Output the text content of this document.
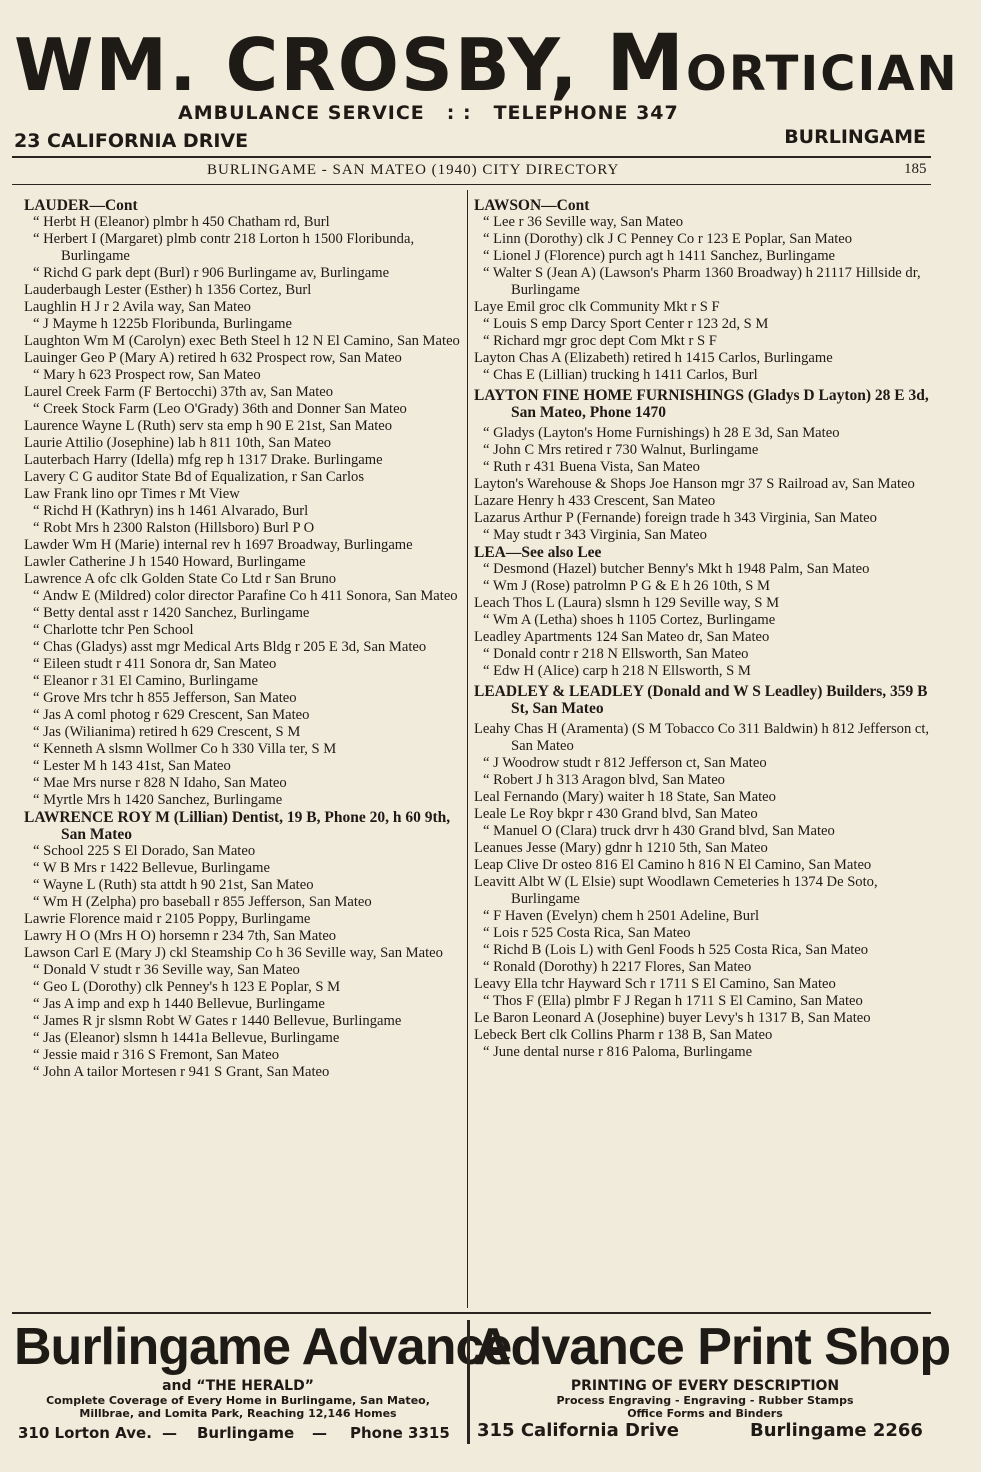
WM. CROSBY, MORTICIAN
AMBULANCE SERVICE : : TELEPHONE 347
23 CALIFORNIA DRIVE	BURLINGAME
BURLINGAME - SAN MATEO (1940) CITY DIRECTORY	185

LAUDER—Cont

“ Herbt H (Eleanor) plmbr h 450 Chatham rd, Burl

“ Herbert I (Margaret) plmb contr 218 Lorton h 1500 Floribunda, Burlingame

“ Richd G park dept (Burl) r 906 Burlingame av, Burlingame

Lauderbaugh Lester (Esther) h 1356 Cortez, Burl

Laughlin H J r 2 Avila way, San Mateo

“ J Mayme h 1225b Floribunda, Burlingame

Laughton Wm M (Carolyn) exec Beth Steel h 12 N El Camino, San Mateo

Lauinger Geo P (Mary A) retired h 632 Prospect row, San Mateo

“ Mary h 623 Prospect row, San Mateo

Laurel Creek Farm (F Bertocchi) 37th av, San Mateo

“ Creek Stock Farm (Leo O'Grady) 36th and Donner San Mateo

Laurence Wayne L (Ruth) serv sta emp h 90 E 21st, San Mateo

Laurie Attilio (Josephine) lab h 811 10th, San Mateo

Lauterbach Harry (Idella) mfg rep h 1317 Drake. Burlingame

Lavery C G auditor State Bd of Equalization, r San Carlos

Law Frank lino opr Times r Mt View

“ Richd H (Kathryn) ins h 1461 Alvarado, Burl

“ Robt Mrs h 2300 Ralston (Hillsboro) Burl P O

Lawder Wm H (Marie) internal rev h 1697 Broadway, Burlingame

Lawler Catherine J h 1540 Howard, Burlingame

Lawrence A ofc clk Golden State Co Ltd r San Bruno

“ Andw E (Mildred) color director Parafine Co h 411 Sonora, San Mateo

“ Betty dental asst r 1420 Sanchez, Burlingame

“ Charlotte tchr Pen School

“ Chas (Gladys) asst mgr Medical Arts Bldg r 205 E 3d, San Mateo

“ Eileen studt r 411 Sonora dr, San Mateo

“ Eleanor r 31 El Camino, Burlingame

“ Grove Mrs tchr h 855 Jefferson, San Mateo

“ Jas A coml photog r 629 Crescent, San Mateo

“ Jas (Wilianima) retired h 629 Crescent, S M

“ Kenneth A slsmn Wollmer Co h 330 Villa ter, S M

“ Lester M h 143 41st, San Mateo

“ Mae Mrs nurse r 828 N Idaho, San Mateo

“ Myrtle Mrs h 1420 Sanchez, Burlingame

LAWRENCE ROY M (Lillian) Dentist, 19 B, Phone 20, h 60 9th, San Mateo

“ School 225 S El Dorado, San Mateo

“ W B Mrs r 1422 Bellevue, Burlingame

“ Wayne L (Ruth) sta attdt h 90 21st, San Mateo

“ Wm H (Zelpha) pro baseball r 855 Jefferson, San Mateo

Lawrie Florence maid r 2105 Poppy, Burlingame

Lawry H O (Mrs H O) horsemn r 234 7th, San Mateo

Lawson Carl E (Mary J) ckl Steamship Co h 36 Seville way, San Mateo

“ Donald V studt r 36 Seville way, San Mateo

“ Geo L (Dorothy) clk Penney's h 123 E Poplar, S M

“ Jas A imp and exp h 1440 Bellevue, Burlingame

“ James R jr slsmn Robt W Gates r 1440 Bellevue, Burlingame

“ Jas (Eleanor) slsmn h 1441a Bellevue, Burlingame

“ Jessie maid r 316 S Fremont, San Mateo

“ John A tailor Mortesen r 941 S Grant, San Mateo

LAWSON—Cont

“ Lee r 36 Seville way, San Mateo

“ Linn (Dorothy) clk J C Penney Co r 123 E Poplar, San Mateo

“ Lionel J (Florence) purch agt h 1411 Sanchez, Burlingame

“ Walter S (Jean A) (Lawson's Pharm 1360 Broadway) h 21117 Hillside dr, Burlingame

Laye Emil groc clk Community Mkt r S F

“ Louis S emp Darcy Sport Center r 123 2d, S M

“ Richard mgr groc dept Com Mkt r S F

Layton Chas A (Elizabeth) retired h 1415 Carlos, Burlingame

“ Chas E (Lillian) trucking h 1411 Carlos, Burl

LAYTON FINE HOME FURNISHINGS (Gladys D Layton) 28 E 3d, San Mateo, Phone 1470

“ Gladys (Layton's Home Furnishings) h 28 E 3d, San Mateo

“ John C Mrs retired r 730 Walnut, Burlingame

“ Ruth r 431 Buena Vista, San Mateo

Layton's Warehouse & Shops Joe Hanson mgr 37 S Railroad av, San Mateo

Lazare Henry h 433 Crescent, San Mateo

Lazarus Arthur P (Fernande) foreign trade h 343 Virginia, San Mateo

“ May studt r 343 Virginia, San Mateo

LEA—See also Lee

“ Desmond (Hazel) butcher Benny's Mkt h 1948 Palm, San Mateo

“ Wm J (Rose) patrolmn P G & E h 26 10th, S M

Leach Thos L (Laura) slsmn h 129 Seville way, S M

“ Wm A (Letha) shoes h 1105 Cortez, Burlingame

Leadley Apartments 124 San Mateo dr, San Mateo

“ Donald contr r 218 N Ellsworth, San Mateo

“ Edw H (Alice) carp h 218 N Ellsworth, S M

LEADLEY & LEADLEY (Donald and W S Leadley) Builders, 359 B St, San Mateo

Leahy Chas H (Aramenta) (S M Tobacco Co 311 Baldwin) h 812 Jefferson ct, San Mateo

“ J Woodrow studt r 812 Jefferson ct, San Mateo

“ Robert J h 313 Aragon blvd, San Mateo

Leal Fernando (Mary) waiter h 18 State, San Mateo

Leale Le Roy bkpr r 430 Grand blvd, San Mateo

“ Manuel O (Clara) truck drvr h 430 Grand blvd, San Mateo

Leanues Jesse (Mary) gdnr h 1210 5th, San Mateo

Leap Clive Dr osteo 816 El Camino h 816 N El Camino, San Mateo

Leavitt Albt W (L Elsie) supt Woodlawn Cemeteries h 1374 De Soto, Burlingame

“ F Haven (Evelyn) chem h 2501 Adeline, Burl

“ Lois r 525 Costa Rica, San Mateo

“ Richd B (Lois L) with Genl Foods h 525 Costa Rica, San Mateo

“ Ronald (Dorothy) h 2217 Flores, San Mateo

Leavy Ella tchr Hayward Sch r 1711 S El Camino, San Mateo

“ Thos F (Ella) plmbr F J Regan h 1711 S El Camino, San Mateo

Le Baron Leonard A (Josephine) buyer Levy's h 1317 B, San Mateo

Lebeck Bert clk Collins Pharm r 138 B, San Mateo

“ June dental nurse r 816 Paloma, Burlingame

Burlingame Advance
and “THE HERALD”
Complete Coverage of Every Home in Burlingame, San Mateo,
Millbrae, and Lomita Park, Reaching 12,146 Homes
310 Lorton Ave. — Burlingame — Phone 3315
Advance Print Shop
PRINTING OF EVERY DESCRIPTION
Process Engraving - Engraving - Rubber Stamps
Office Forms and Binders
315 California Drive	Burlingame 2266
